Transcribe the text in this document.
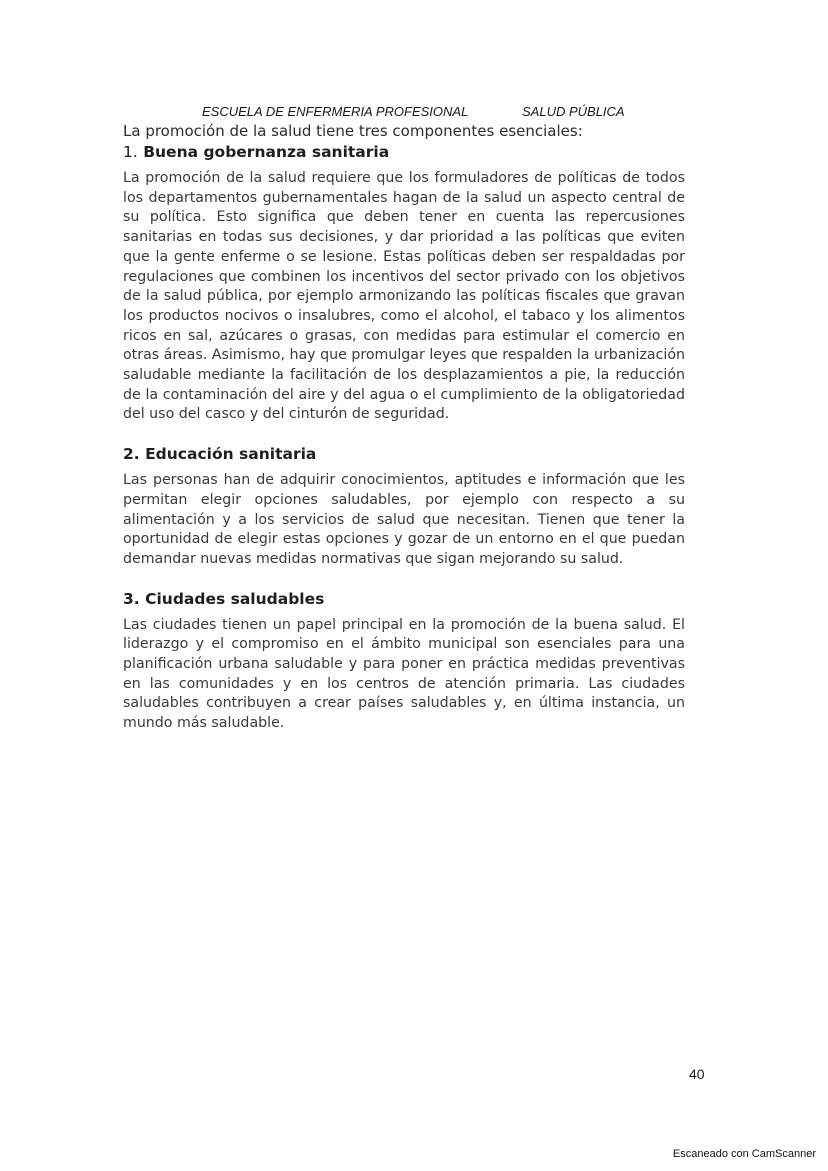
ESCUELA DE ENFERMERIA PROFESIONAL	SALUD PÚBLICA

La promoción de la salud tiene tres componentes esenciales:

1. Buena gobernanza sanitaria

La promoción de la salud requiere que los formuladores de políticas de todos los departamentos gubernamentales hagan de la salud un aspecto central de su política. Esto significa que deben tener en cuenta las repercusiones sanitarias en todas sus decisiones, y dar prioridad a las políticas que eviten que la gente enferme o se lesione. Estas políticas deben ser respaldadas por regulaciones que combinen los incentivos del sector privado con los objetivos de la salud pública, por ejemplo armonizando las políticas fiscales que gravan los productos nocivos o insalubres, como el alcohol, el tabaco y los alimentos ricos en sal, azúcares o grasas, con medidas para estimular el comercio en otras áreas. Asimismo, hay que promulgar leyes que respalden la urbanización saludable mediante la facilitación de los desplazamientos a pie, la reducción de la contaminación del aire y del agua o el cumplimiento de la obligatoriedad del uso del casco y del cinturón de seguridad.

2. Educación sanitaria

Las personas han de adquirir conocimientos, aptitudes e información que les permitan elegir opciones saludables, por ejemplo con respecto a su alimentación y a los servicios de salud que necesitan. Tienen que tener la oportunidad de elegir estas opciones y gozar de un entorno en el que puedan demandar nuevas medidas normativas que sigan mejorando su salud.

3. Ciudades saludables

Las ciudades tienen un papel principal en la promoción de la buena salud. El liderazgo y el compromiso en el ámbito municipal son esenciales para una planificación urbana saludable y para poner en práctica medidas preventivas en las comunidades y en los centros de atención primaria. Las ciudades saludables contribuyen a crear países saludables y, en última instancia, un mundo más saludable.

40
Escaneado con CamScanner
